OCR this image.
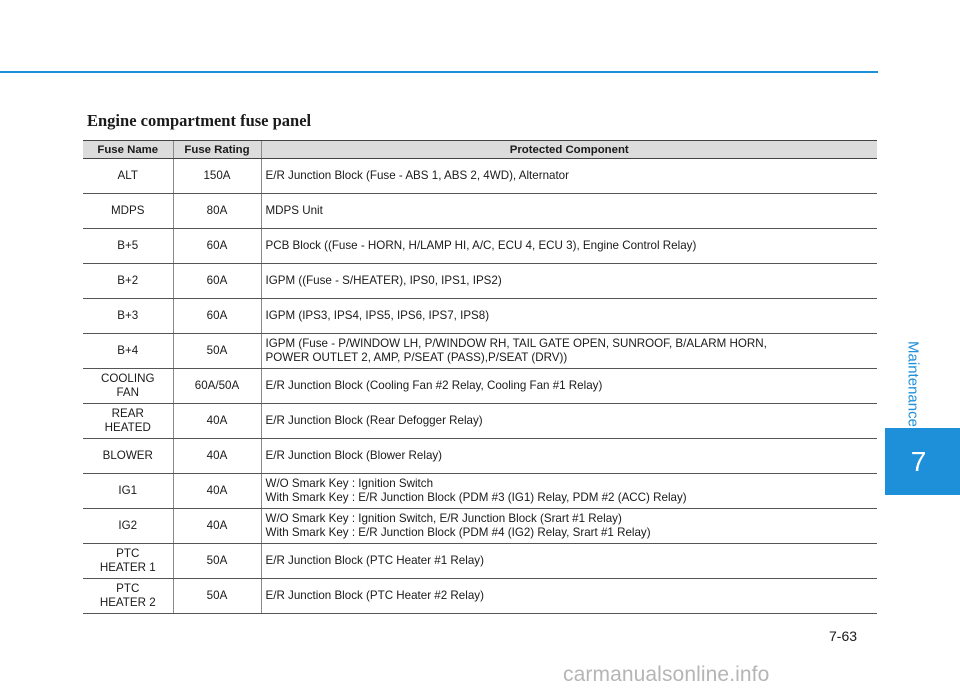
Maintenance
7
Engine compartment fuse panel
Fuse Name	Fuse Rating	Protected Component
ALT	150A	E/R Junction Block (Fuse - ABS 1, ABS 2, 4WD), Alternator
MDPS	80A	MDPS Unit
B+5	60A	PCB Block ((Fuse - HORN, H/LAMP HI, A/C, ECU 4, ECU 3), Engine Control Relay)
B+2	60A	IGPM ((Fuse - S/HEATER), IPS0, IPS1, IPS2)
B+3	60A	IGPM (IPS3, IPS4, IPS5, IPS6, IPS7, IPS8)
B+4	50A	IGPM (Fuse - P/WINDOW LH, P/WINDOW RH, TAIL GATE OPEN, SUNROOF, B/ALARM HORN,
POWER OUTLET 2, AMP, P/SEAT (PASS),P/SEAT (DRV))
COOLING
FAN	60A/50A	E/R Junction Block (Cooling Fan #2 Relay, Cooling Fan #1 Relay)
REAR
HEATED	40A	E/R Junction Block (Rear Defogger Relay)
BLOWER	40A	E/R Junction Block (Blower Relay)
IG1	40A	W/O Smark Key : Ignition Switch
With Smark Key : E/R Junction Block (PDM #3 (IG1) Relay, PDM #2 (ACC) Relay)
IG2	40A	W/O Smark Key : Ignition Switch, E/R Junction Block (Srart #1 Relay)
With Smark Key : E/R Junction Block (PDM #4 (IG2) Relay, Srart #1 Relay)
PTC
HEATER 1	50A	E/R Junction Block (PTC Heater #1 Relay)
PTC
HEATER 2	50A	E/R Junction Block (PTC Heater #2 Relay)
7-63
carmanualsonline.info
